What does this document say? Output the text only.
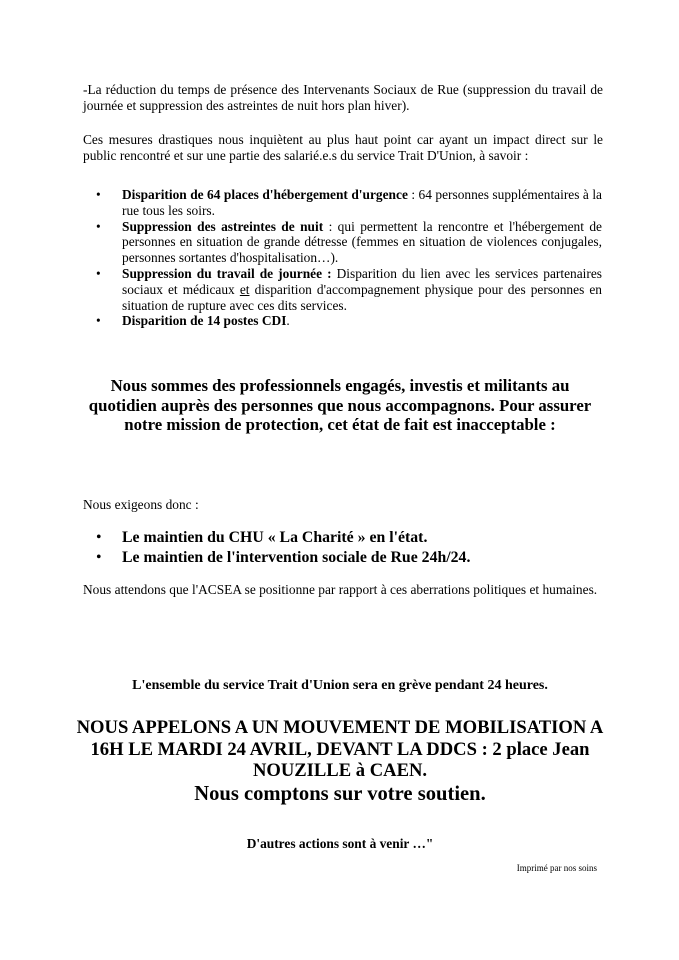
-La réduction du temps de présence des Intervenants Sociaux de Rue (suppression du travail de journée et suppression des astreintes de nuit hors plan hiver).
Ces mesures drastiques nous inquiètent au plus haut point car ayant un impact direct sur le public rencontré et sur une partie des salarié.e.s du service Trait D'Union, à savoir :
• Disparition de 64 places d'hébergement d'urgence : 64 personnes supplémentaires à la rue tous les soirs.
• Suppression des astreintes de nuit : qui permettent la rencontre et l'hébergement de personnes en situation de grande détresse (femmes en situation de violences conjugales, personnes sortantes d'hospitalisation…).
• Suppression du travail de journée : Disparition du lien avec les services partenaires sociaux et médicaux et disparition d'accompagnement physique pour des personnes en situation de rupture avec ces dits services.
• Disparition de 14 postes CDI.
Nous sommes des professionnels engagés, investis et militants au quotidien auprès des personnes que nous accompagnons. Pour assurer notre mission de protection, cet état de fait est inacceptable :
Nous exigeons donc :
• Le maintien du CHU « La Charité » en l'état.
• Le maintien de l'intervention sociale de Rue 24h/24.
Nous attendons que l'ACSEA se positionne par rapport à ces aberrations politiques et humaines.
L'ensemble du service Trait d'Union sera en grève pendant 24 heures.
NOUS APPELONS A UN MOUVEMENT DE MOBILISATION A 16H LE MARDI 24 AVRIL, DEVANT LA DDCS : 2 place Jean NOUZILLE à CAEN.
Nous comptons sur votre soutien.
D'autres actions sont à venir …"
Imprimé par nos soins
